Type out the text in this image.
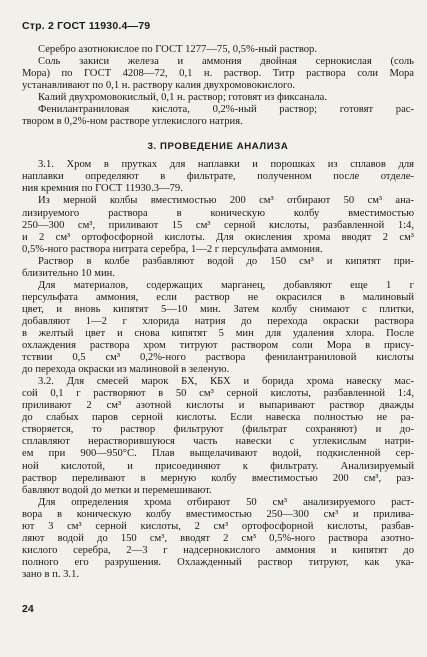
Стр. 2 ГОСТ 11930.4—79
Серебро азотнокислое по ГОСТ 1277—75, 0,5%-ный раствор.
Соль закиси железа и аммония двойная сернокислая (соль
Мора) по ГОСТ 4208—72, 0,1 н. раствор. Титр раствора соли Мора
устанавливают по 0,1 н. раствору калия двухромовокислого.
Калий двухромовокислый, 0,1 н. раствор; готовят из фиксанала.
Фенилантраниловая кислота, 0,2%-ный раствор; готовят рас-
твором в 0,2%-ном растворе углекислого натрия.
3. ПРОВЕДЕНИЕ АНАЛИЗА
3.1. Хром в прутках для наплавки и порошках из сплавов для
наплавки определяют в фильтрате, полученном после отделе-
ния кремния по ГОСТ 11930.3—79.
Из мерной колбы вместимостью 200 см³ отбирают 50 см³ ана-
лизируемого раствора в коническую колбу вместимостью
250—300 см³, приливают 15 см³ серной кислоты, разбавленной 1:4,
и 2 см³ ортофосфорной кислоты. Для окисления хрома вводят 2 см³
0,5%-ного раствора нитрата серебра, 1—2 г персульфата аммония.
Раствор в колбе разбавляют водой до 150 см³ и кипятят при-
близительно 10 мин.
Для материалов, содержащих марганец, добавляют еще 1 г
персульфата аммония, если раствор не окрасился в малиновый
цвет, и вновь кипятят 5—10 мин. Затем колбу снимают с плитки,
добавляют 1—2 г хлорида натрия до перехода окраски раствора
в желтый цвет и снова кипятят 5 мин для удаления хлора. После
охлаждения раствора хром титруют раствором соли Мора в прису-
тствии 0,5 см³ 0,2%-ного раствора фенилантраниловой кислоты
до перехода окраски из малиновой в зеленую.
3.2. Для смесей марок БХ, КБХ и борида хрома навеску мас-
сой 0,1 г растворяют в 50 см³ серной кислоты, разбавленной 1:4,
приливают 2 см³ азотной кислоты и выпаривают раствор дважды
до слабых паров серной кислоты. Если навеска полностью не ра-
створяется, то раствор фильтруют (фильтрат сохраняют) и до-
сплавляют нерастворившуюся часть навески с углекислым натри-
ем при 900—950°С. Плав выщелачивают водой, подкисленной сер-
ной кислотой, и присоединяют к фильтрату. Анализируемый
раствор переливают в мерную колбу вместимостью 200 см³, раз-
бавляют водой до метки и перемешивают.
Для определения хрома отбирают 50 см³ анализируемого раст-
вора в коническую колбу вместимостью 250—300 см³ и прилива-
ют 3 см³ серной кислоты, 2 см³ ортофосфорной кислоты, разбав-
ляют водой до 150 см³, вводят 2 см³ 0,5%-ного раствора азотно-
кислого серебра, 2—3 г надсернокислого аммония и кипятят до
полного его разрушения. Охлажденный раствор титруют, как ука-
зано в п. 3.1.
24
